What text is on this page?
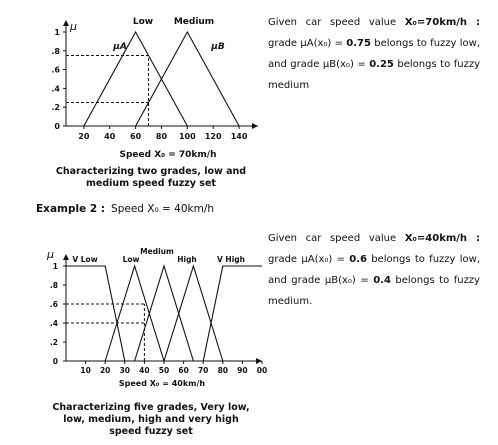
μ	Low Medium
μA	μB
1
.8
.6
.4
.2
0
20 40 60 80 100 120 140
Speed X₀ = 70km/h
Characterizing two grades, low and
medium speed fuzzy set
Given car speed value X₀=70km/h : grade μA(x₀) = 0.75 belongs to fuzzy low, and grade μB(x₀) = 0.25 belongs to fuzzy medium
Example 2 : Speed X₀ = 40km/h
μ V Low	Low
Medium
High	V High
1
.8
.6
.4
.2
0
10 20 30 40 50 60 70 80 90 00
Speed X₀ = 40km/h
Characterizing five grades, Very low,
low, medium, high and very high
speed fuzzy set
Given car speed value X₀=40km/h : grade μA(x₀) = 0.6 belongs to fuzzy low, and grade μB(x₀) = 0.4 belongs to fuzzy medium.
